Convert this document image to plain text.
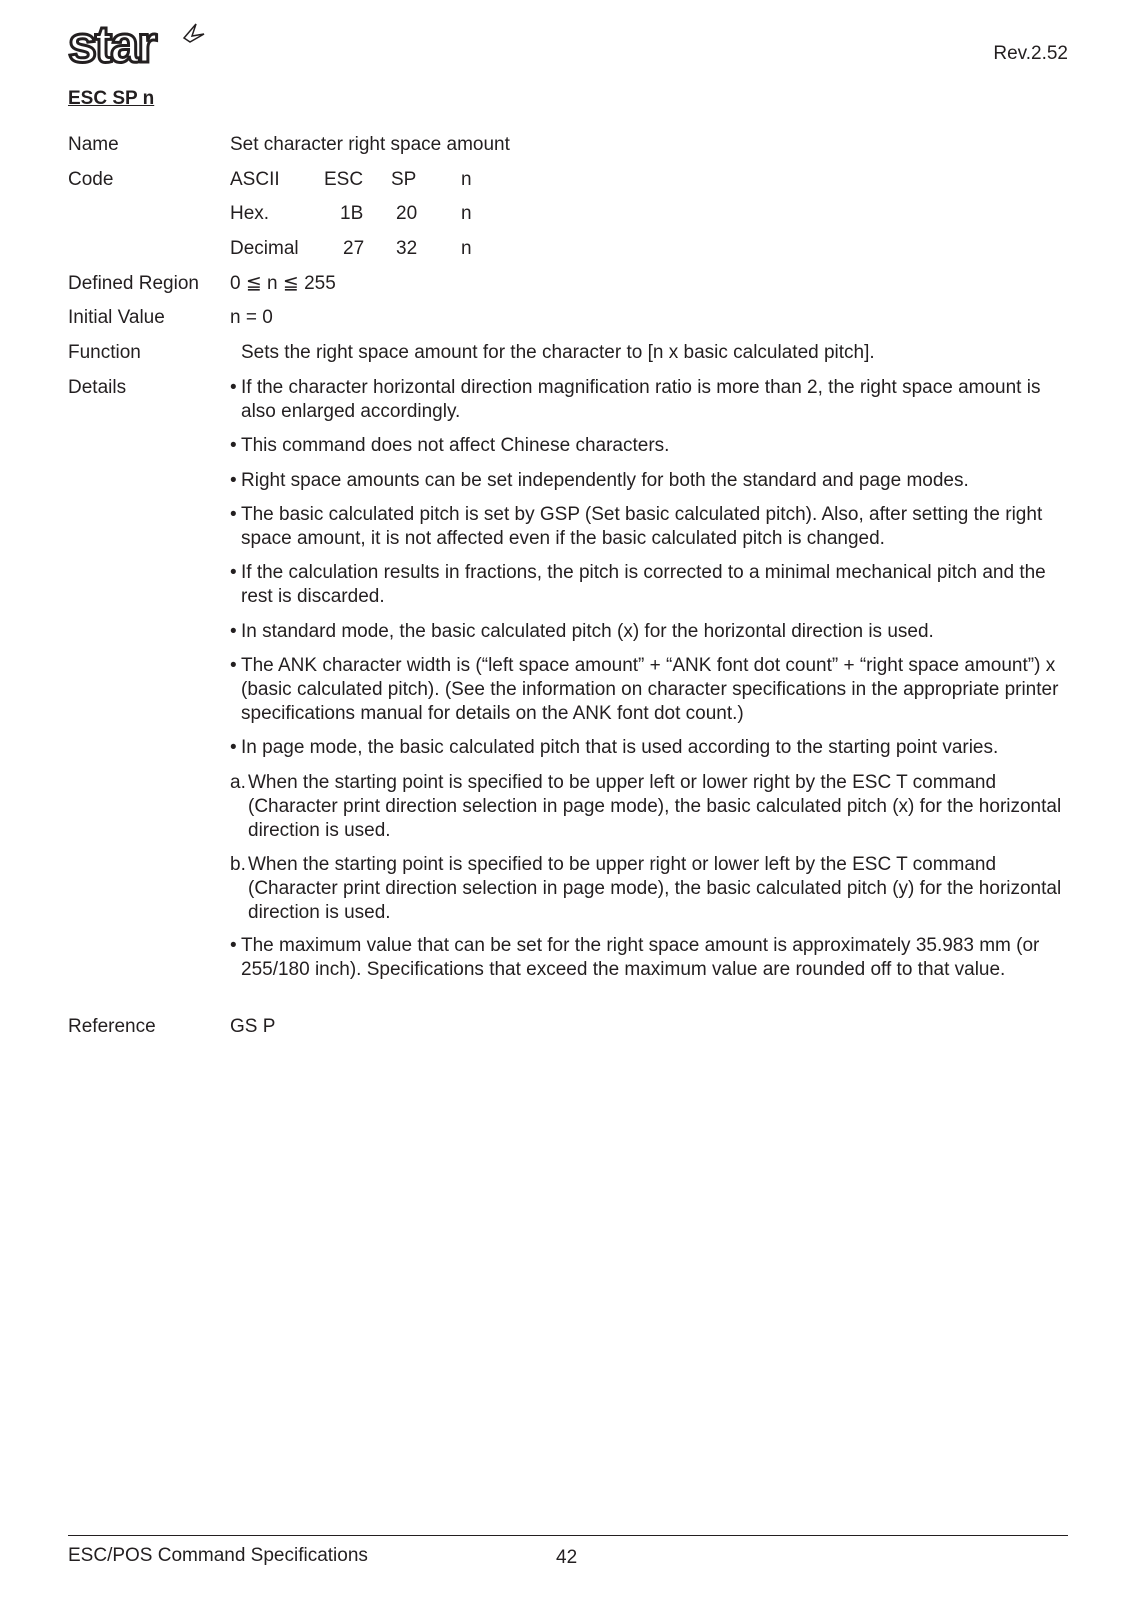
star	Rev.2.52
ESC SP n
Name	Set character right space amount
Code	ASCII ESC SP n
Hex.	1B 20 n
Decimal 27 32 n
Defined Region 0 ≦ n ≦ 255
Initial Value	n = 0
Function	Sets the right space amount for the character to [n x basic calculated pitch].
Details	• If the character horizontal direction magnification ratio is more than 2, the right space amount is also enlarged accordingly.
• This command does not affect Chinese characters.
• Right space amounts can be set independently for both the standard and page modes.
• The basic calculated pitch is set by GSP (Set basic calculated pitch). Also, after setting the right space amount, it is not affected even if the basic calculated pitch is changed.
• If the calculation results in fractions, the pitch is corrected to a minimal mechanical pitch and the rest is discarded.
• In standard mode, the basic calculated pitch (x) for the horizontal direction is used.
• The ANK character width is (“left space amount” + “ANK font dot count” + “right space amount”) x (basic calculated pitch). (See the information on character specifications in the appropriate printer specifications manual for details on the ANK font dot count.)
• In page mode, the basic calculated pitch that is used according to the starting point varies.
a. When the starting point is specified to be upper left or lower right by the ESC T command (Character print direction selection in page mode), the basic calculated pitch (x) for the horizontal direction is used.
b. When the starting point is specified to be upper right or lower left by the ESC T command (Character print direction selection in page mode), the basic calculated pitch (y) for the horizontal direction is used.
• The maximum value that can be set for the right space amount is approximately 35.983 mm (or 255/180 inch). Specifications that exceed the maximum value are rounded off to that value.
Reference	GS P
ESC/POS Command Specifications	42
